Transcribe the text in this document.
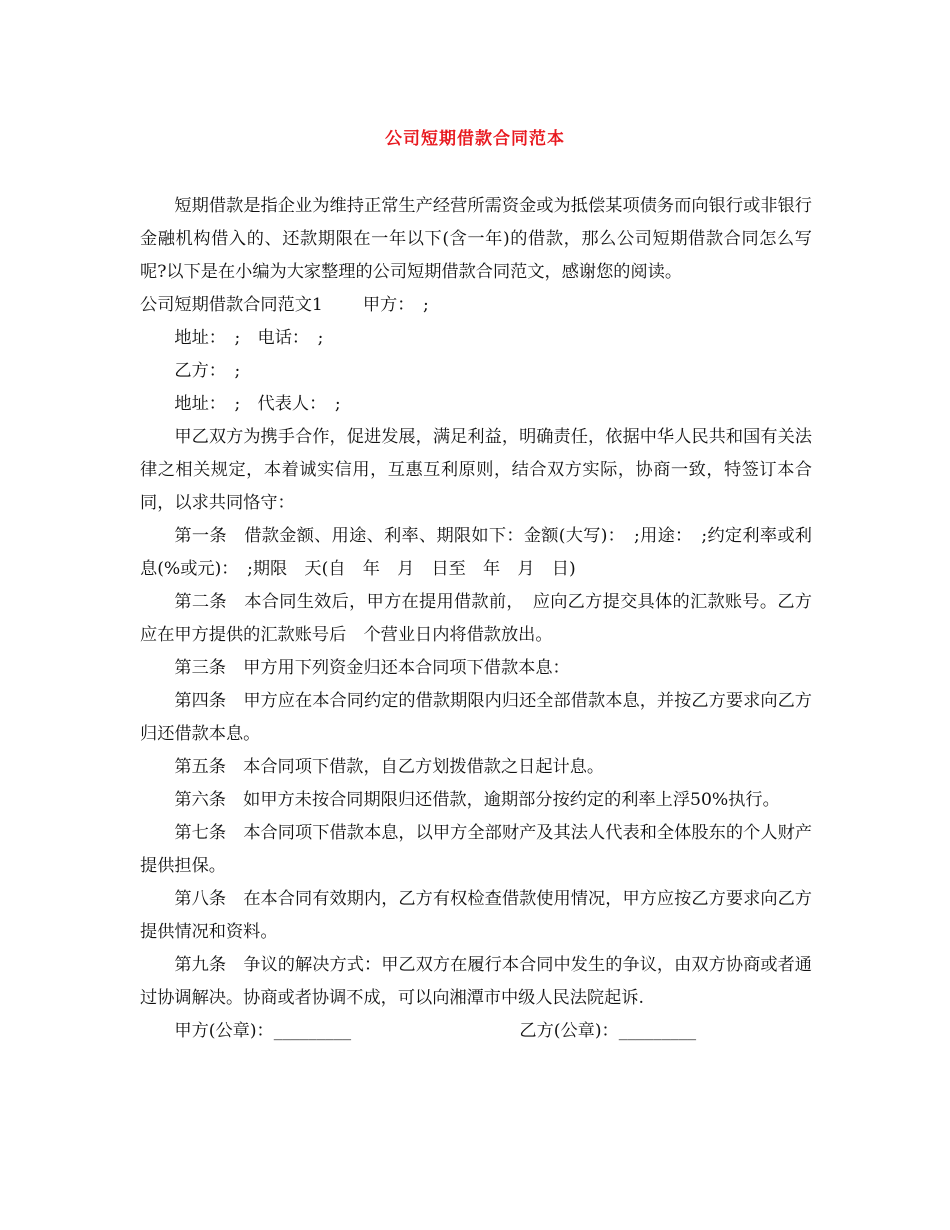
公司短期借款合同范本

短期借款是指企业为维持正常生产经营所需资金或为抵偿某项债务而向银行或非银行金融机构借入的、还款期限在一年以下(含一年)的借款，那么公司短期借款合同怎么写呢?以下是在小编为大家整理的公司短期借款合同范文，感谢您的阅读。

公司短期借款合同范文1 甲方：　;

地址：　;　电话：　;

乙方：　;

地址：　;　代表人：　;

甲乙双方为携手合作，促进发展，满足利益，明确责任，依据中华人民共和国有关法律之相关规定，本着诚实信用，互惠互利原则，结合双方实际，协商一致，特签订本合同，以求共同恪守：

第一条　借款金额、用途、利率、期限如下：金额(大写)：　;用途：　;约定利率或利息(%或元)：　;期限　天(自　年　月　日至　年　月　日)

第二条　本合同生效后，甲方在提用借款前，　应向乙方提交具体的汇款账号。乙方应在甲方提供的汇款账号后　个营业日内将借款放出。

第三条　甲方用下列资金归还本合同项下借款本息：

第四条　甲方应在本合同约定的借款期限内归还全部借款本息，并按乙方要求向乙方归还借款本息。

第五条　本合同项下借款，自乙方划拨借款之日起计息。

第六条　如甲方未按合同期限归还借款，逾期部分按约定的利率上浮50%执行。

第七条　本合同项下借款本息，以甲方全部财产及其法人代表和全体股东的个人财产提供担保。

第八条　在本合同有效期内，乙方有权检查借款使用情况，甲方应按乙方要求向乙方提供情况和资料。

第九条　争议的解决方式：甲乙双方在履行本合同中发生的争议，由双方协商或者通过协调解决。协商或者协调不成，可以向湘潭市中级人民法院起诉.

甲方(公章)：_________	乙方(公章)：_________
